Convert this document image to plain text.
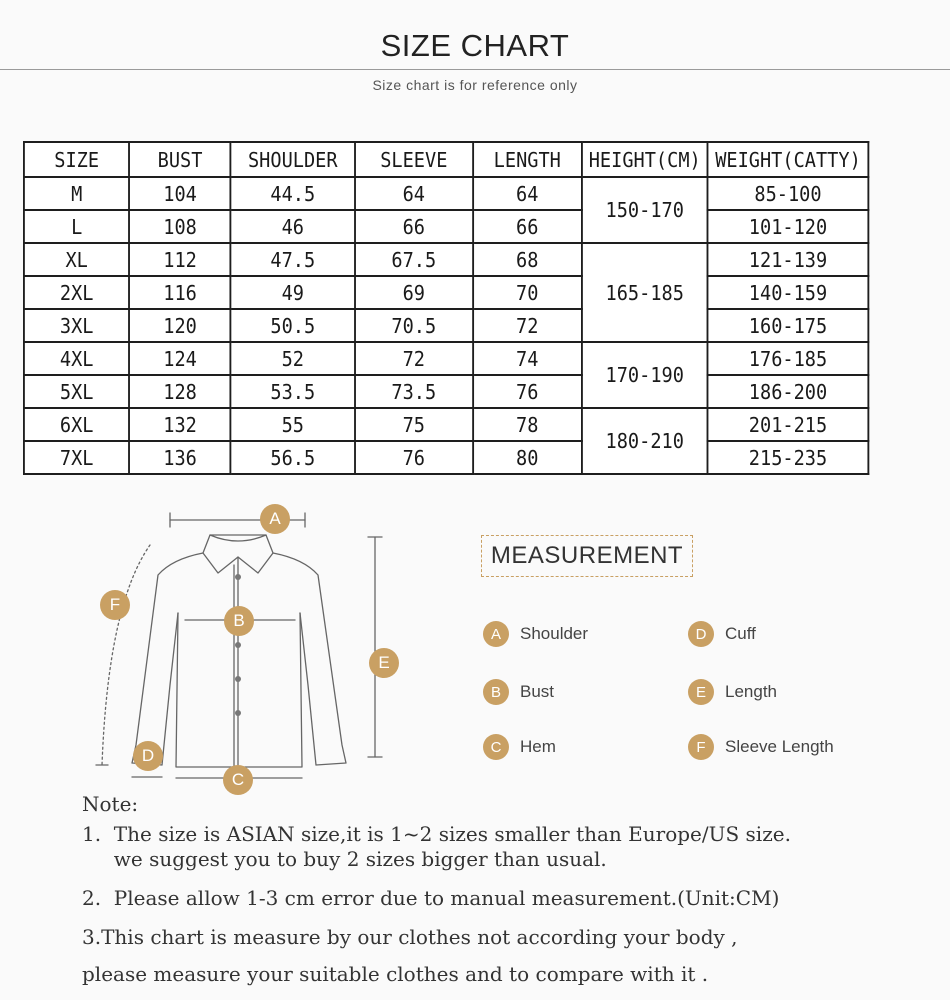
SIZE CHART
Size chart is for reference only
SIZE	BUST	SHOULDER	SLEEVE	LENGTH	HEIGHT(CM)	WEIGHT(CATTY)
M	104	44.5	64	64	150-170	85-100
L	108	46	66	66		101-120
XL	112	47.5	67.5	68	165-185	121-139
2XL	116	49	69	70		140-159
3XL	120	50.5	70.5	72		160-175
4XL	124	52	72	74	170-190	176-185
5XL	128	53.5	73.5	76		186-200
6XL	132	55	75	78	180-210	201-215
7XL	136	56.5	76	80		215-235
A
B
C
D
E
F
MEASUREMENT
A	Shoulder
B	Bust
C	Hem
D	Cuff
E	Length
F	Sleeve Length
Note:
1.  The size is ASIAN size,it is 1~2 sizes smaller than Europe/US size.
we suggest you to buy 2 sizes bigger than usual.
2.  Please allow 1-3 cm error due to manual measurement.(Unit:CM)
3.This chart is measure by our clothes not according your body ,
please measure your suitable clothes and to compare with it .
